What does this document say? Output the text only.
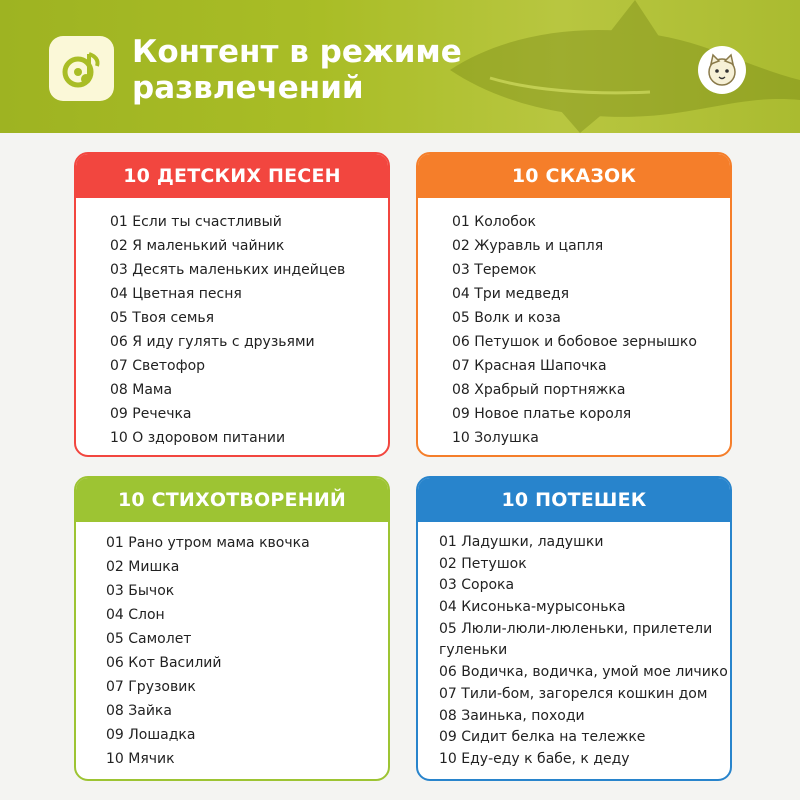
Контент в режиме
развлечений
10 ДЕТСКИХ ПЕСЕН
01 Если ты счастливый
02 Я маленький чайник
03 Десять маленьких индейцев
04 Цветная песня
05 Твоя семья
06 Я иду гулять с друзьями
07 Светофор
08 Мама
09 Речечка
10 О здоровом питании
10 СКАЗОК
01 Колобок
02 Журавль и цапля
03 Теремок
04 Три медведя
05 Волк и коза
06 Петушок и бобовое зернышко
07 Красная Шапочка
08 Храбрый портняжка
09 Новое платье короля
10 Золушка
10 СТИХОТВОРЕНИЙ
01 Рано утром мама квочка
02 Мишка
03 Бычок
04 Слон
05 Самолет
06 Кот Василий
07 Грузовик
08 Зайка
09 Лошадка
10 Мячик
10 ПОТЕШЕК
01 Ладушки, ладушки
02 Петушок
03 Сорока
04 Кисонька-мурысонька
05 Люли-люли-люленьки, прилетели гуленьки
06 Водичка, водичка, умой мое личико
07 Тили-бом, загорелся кошкин дом
08 Заинька, походи
09 Сидит белка на тележке
10 Еду-еду к бабе, к деду
